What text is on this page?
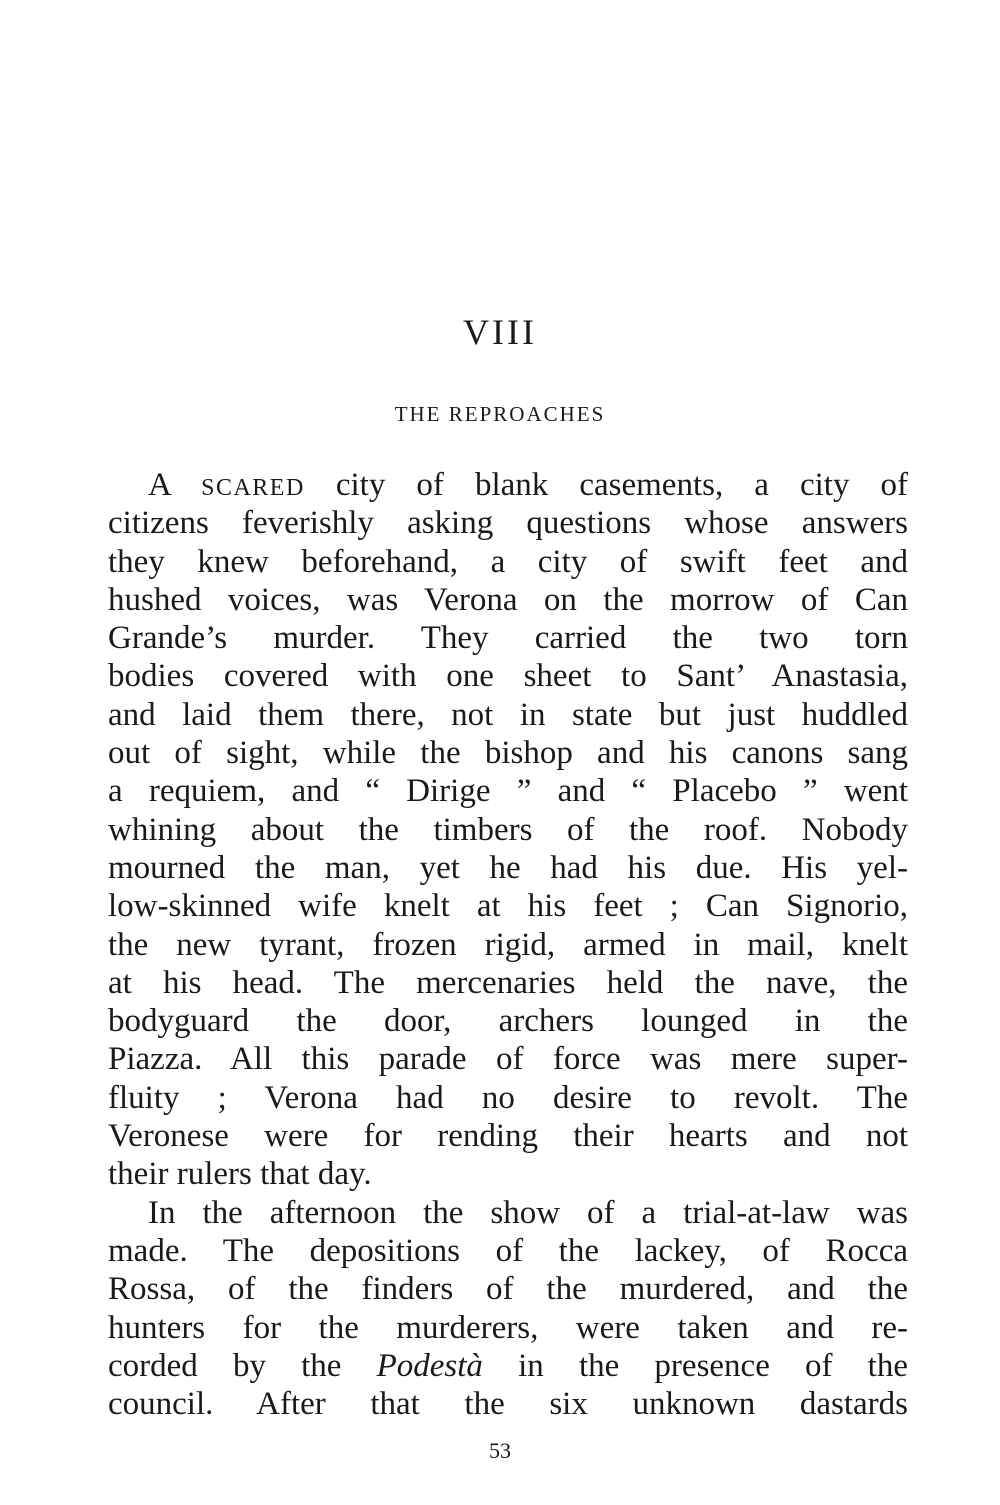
VIII
THE REPROACHES
A SCARED city of blank casements, a city of
citizens feverishly asking questions whose answers
they knew beforehand, a city of swift feet and
hushed voices, was Verona on the morrow of Can
Grande’s murder. They carried the two torn
bodies covered with one sheet to Sant’ Anastasia,
and laid them there, not in state but just huddled
out of sight, while the bishop and his canons sang
a requiem, and “ Dirige ” and “ Placebo ” went
whining about the timbers of the roof. Nobody
mourned the man, yet he had his due. His yel-
low-skinned wife knelt at his feet ; Can Signorio,
the new tyrant, frozen rigid, armed in mail, knelt
at his head. The mercenaries held the nave, the
bodyguard the door, archers lounged in the
Piazza. All this parade of force was mere super-
fluity ; Verona had no desire to revolt. The
Veronese were for rending their hearts and not
their rulers that day.
In the afternoon the show of a trial-at-law was
made. The depositions of the lackey, of Rocca
Rossa, of the finders of the murdered, and the
hunters for the murderers, were taken and re-
corded by the Podestà in the presence of the
council. After that the six unknown dastards
53
